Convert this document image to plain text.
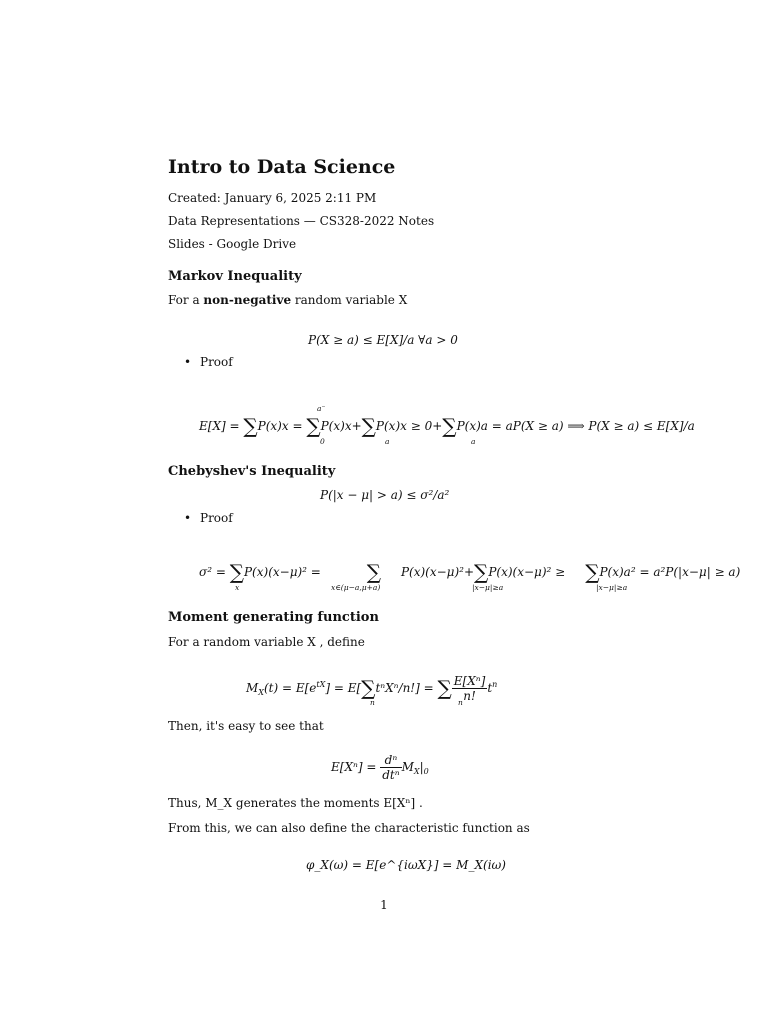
Intro to Data Science
Created: January 6, 2025 2:11 PM
Data Representations — CS328-2022 Notes
Slides - Google Drive
Markov Inequality
For a non-negative random variable X
P(X ≥ a) ≤ E[X]/a ∀a > 0
• Proof
E[X] = ∑P(x)x = ∑P(x)x+∑P(x)x ≥ 0+∑P(x)a = aP(X ≥ a) ⟹ P(X ≥ a) ≤ E[X]/a
a⁻
0	a	a
Chebyshev's Inequality
P(|x − μ| > a) ≤ σ²/a²
• Proof
σ² = ∑P(x)(x−μ)² = ∑ P(x)(x−μ)²+∑P(x)(x−μ)² ≥ ∑P(x)a² = a²P(|x−μ| ≥ a)
x	x∈(μ−a,μ+a)	|x−μ|≥a	|x−μ|≥a
Moment generating function
For a random variable X , define
$M_X(t) = E[e^{tX}] = E[\sum t^nX^n/n!]$ = ∑ $\frac{\text{E[Xⁿ]}}{n!} t^n$
n	n
Then, it's easy to see that
$E[X^n] = \frac{\text{dⁿ}}{\text{dtⁿ}} M_X|_0$
Thus, M_X generates the moments E[Xⁿ] .
From this, we can also define the characteristic function as
φ_X(ω) = E[e^{iωX}] = M_X(iω)
1
